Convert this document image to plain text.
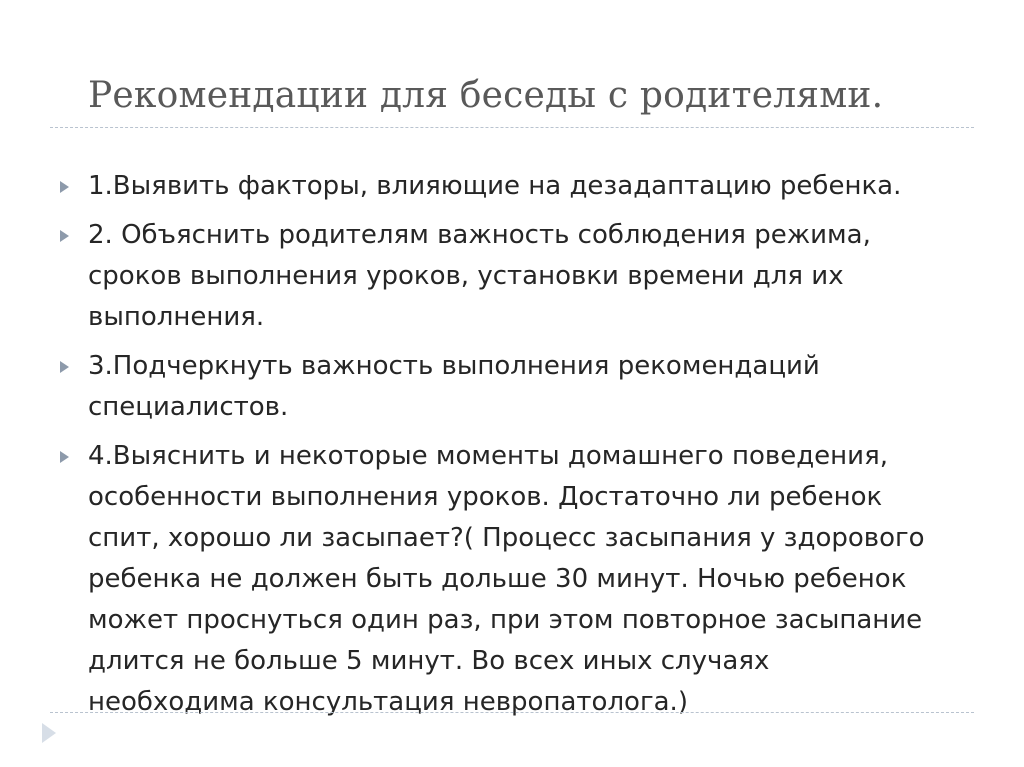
Рекомендации для беседы с родителями.
1.Выявить факторы, влияющие на дезадаптацию ребенка.
2. Объяснить родителям важность соблюдения режима,
сроков выполнения уроков, установки времени для их
выполнения.
3.Подчеркнуть важность выполнения рекомендаций
специалистов.
4.Выяснить и некоторые моменты домашнего поведения,
особенности выполнения уроков. Достаточно ли ребенок
спит, хорошо ли засыпает?( Процесс засыпания у здорового
ребенка не должен быть дольше 30 минут. Ночью ребенок
может проснуться один раз, при этом повторное засыпание
длится не больше 5 минут. Во всех иных случаях
необходима консультация невропатолога.)
